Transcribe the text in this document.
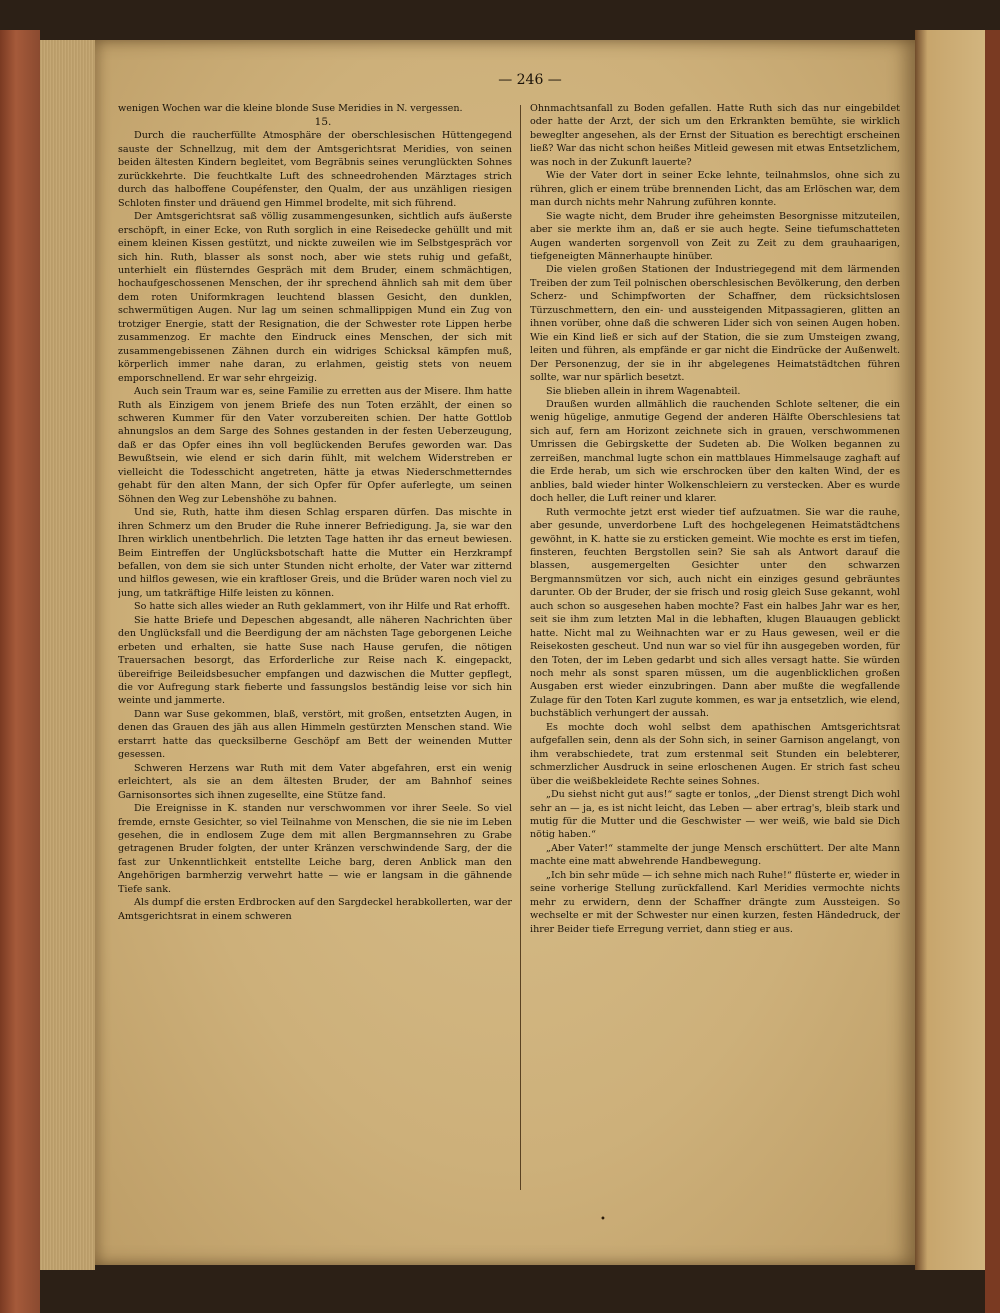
— 246 —

wenigen Wochen war die kleine blonde Suse Meridies in N. vergessen.

15.

Durch die raucherfüllte Atmosphäre der oberschlesischen Hüttengegend sauste der Schnellzug, mit dem der Amtsgerichtsrat Meridies, von seinen beiden ältesten Kindern begleitet, vom Begräbnis seines verunglückten Sohnes zurückkehrte. Die feuchtkalte Luft des schneedrohenden Märztages strich durch das halboffene Coupéfenster, den Qualm, der aus unzähligen riesigen Schloten finster und dräuend gen Himmel brodelte, mit sich führend.

Der Amtsgerichtsrat saß völlig zusammengesunken, sichtlich aufs äußerste erschöpft, in einer Ecke, von Ruth sorglich in eine Reisedecke gehüllt und mit einem kleinen Kissen gestützt, und nickte zuweilen wie im Selbstgespräch vor sich hin. Ruth, blasser als sonst noch, aber wie stets ruhig und gefaßt, unterhielt ein flüsterndes Gespräch mit dem Bruder, einem schmächtigen, hochaufgeschossenen Menschen, der ihr sprechend ähnlich sah mit dem über dem roten Uniformkragen leuchtend blassen Gesicht, den dunklen, schwermütigen Augen. Nur lag um seinen schmallippigen Mund ein Zug von trotziger Energie, statt der Resignation, die der Schwester rote Lippen herbe zusammenzog. Er machte den Eindruck eines Menschen, der sich mit zusammengebissenen Zähnen durch ein widriges Schicksal kämpfen muß, körperlich immer nahe daran, zu erlahmen, geistig stets von neuem emporschnellend. Er war sehr ehrgeizig.

Auch sein Traum war es, seine Familie zu erretten aus der Misere. Ihm hatte Ruth als Einzigem von jenem Briefe des nun Toten erzählt, der einen so schweren Kummer für den Vater vorzubereiten schien. Der hatte Gottlob ahnungslos an dem Sarge des Sohnes gestanden in der festen Ueberzeugung, daß er das Opfer eines ihn voll beglückenden Berufes geworden war. Das Bewußtsein, wie elend er sich darin fühlt, mit welchem Widerstreben er vielleicht die Todesschicht angetreten, hätte ja etwas Niederschmetterndes gehabt für den alten Mann, der sich Opfer für Opfer auferlegte, um seinen Söhnen den Weg zur Lebenshöhe zu bahnen.

Und sie, Ruth, hatte ihm diesen Schlag ersparen dürfen. Das mischte in ihren Schmerz um den Bruder die Ruhe innerer Befriedigung. Ja, sie war den Ihren wirklich unentbehrlich. Die letzten Tage hatten ihr das erneut bewiesen. Beim Eintreffen der Unglücksbotschaft hatte die Mutter ein Herzkrampf befallen, von dem sie sich unter Stunden nicht erholte, der Vater war zitternd und hilflos gewesen, wie ein kraftloser Greis, und die Brüder waren noch viel zu jung, um tatkräftige Hilfe leisten zu können.

So hatte sich alles wieder an Ruth geklammert, von ihr Hilfe und Rat erhofft.

Sie hatte Briefe und Depeschen abgesandt, alle näheren Nachrichten über den Unglücksfall und die Beerdigung der am nächsten Tage geborgenen Leiche erbeten und erhalten, sie hatte Suse nach Hause gerufen, die nötigen Trauersachen besorgt, das Erforderliche zur Reise nach K. eingepackt, übereifrige Beileidsbesucher empfangen und dazwischen die Mutter gepflegt, die vor Aufregung stark fieberte und fassungslos beständig leise vor sich hin weinte und jammerte.

Dann war Suse gekommen, blaß, verstört, mit großen, entsetzten Augen, in denen das Grauen des jäh aus allen Himmeln gestürzten Menschen stand. Wie erstarrt hatte das quecksilberne Geschöpf am Bett der weinenden Mutter gesessen.

Schweren Herzens war Ruth mit dem Vater abgefahren, erst ein wenig erleichtert, als sie an dem ältesten Bruder, der am Bahnhof seines Garnisonsortes sich ihnen zugesellte, eine Stütze fand.

Die Ereignisse in K. standen nur verschwommen vor ihrer Seele. So viel fremde, ernste Gesichter, so viel Teilnahme von Menschen, die sie nie im Leben gesehen, die in endlosem Zuge dem mit allen Bergmannsehren zu Grabe getragenen Bruder folgten, der unter Kränzen verschwindende Sarg, der die fast zur Unkenntlichkeit entstellte Leiche barg, deren Anblick man den Angehörigen barmherzig verwehrt hatte — wie er langsam in die gähnende Tiefe sank.

Als dumpf die ersten Erdbrocken auf den Sargdeckel herabkollerten, war der Amtsgerichtsrat in einem schweren

Ohnmachtsanfall zu Boden gefallen. Hatte Ruth sich das nur eingebildet oder hatte der Arzt, der sich um den Erkrankten bemühte, sie wirklich beweglter angesehen, als der Ernst der Situation es berechtigt erscheinen ließ? War das nicht schon heißes Mitleid gewesen mit etwas Entsetzlichem, was noch in der Zukunft lauerte?

Wie der Vater dort in seiner Ecke lehnte, teilnahmslos, ohne sich zu rühren, glich er einem trübe brennenden Licht, das am Erlöschen war, dem man durch nichts mehr Nahrung zuführen konnte.

Sie wagte nicht, dem Bruder ihre geheimsten Besorgnisse mitzuteilen, aber sie merkte ihm an, daß er sie auch hegte. Seine tiefumschatteten Augen wanderten sorgenvoll von Zeit zu Zeit zu dem grauhaarigen, tiefgeneigten Männerhaupte hinüber.

Die vielen großen Stationen der Industriegegend mit dem lärmenden Treiben der zum Teil polnischen oberschlesischen Bevölkerung, den derben Scherz- und Schimpfworten der Schaffner, dem rücksichtslosen Türzuschmettern, den ein- und aussteigenden Mitpassagieren, glitten an ihnen vorüber, ohne daß die schweren Lider sich von seinen Augen hoben. Wie ein Kind ließ er sich auf der Station, die sie zum Umsteigen zwang, leiten und führen, als empfände er gar nicht die Eindrücke der Außenwelt. Der Personenzug, der sie in ihr abgelegenes Heimatstädtchen führen sollte, war nur spärlich besetzt.

Sie blieben allein in ihrem Wagenabteil.

Draußen wurden allmählich die rauchenden Schlote seltener, die ein wenig hügelige, anmutige Gegend der anderen Hälfte Oberschlesiens tat sich auf, fern am Horizont zeichnete sich in grauen, verschwommenen Umrissen die Gebirgskette der Sudeten ab. Die Wolken begannen zu zerreißen, manchmal lugte schon ein mattblaues Himmelsauge zaghaft auf die Erde herab, um sich wie erschrocken über den kalten Wind, der es anblies, bald wieder hinter Wolkenschleiern zu verstecken. Aber es wurde doch heller, die Luft reiner und klarer.

Ruth vermochte jetzt erst wieder tief aufzuatmen. Sie war die rauhe, aber gesunde, unverdorbene Luft des hochgelegenen Heimatstädtchens gewöhnt, in K. hatte sie zu ersticken gemeint. Wie mochte es erst im tiefen, finsteren, feuchten Bergstollen sein? Sie sah als Antwort darauf die blassen, ausgemergelten Gesichter unter den schwarzen Bergmannsmützen vor sich, auch nicht ein einziges gesund gebräuntes darunter. Ob der Bruder, der sie frisch und rosig gleich Suse gekannt, wohl auch schon so ausgesehen haben mochte? Fast ein halbes Jahr war es her, seit sie ihm zum letzten Mal in die lebhaften, klugen Blauaugen geblickt hatte. Nicht mal zu Weihnachten war er zu Haus gewesen, weil er die Reisekosten gescheut. Und nun war so viel für ihn ausgegeben worden, für den Toten, der im Leben gedarbt und sich alles versagt hatte. Sie würden noch mehr als sonst sparen müssen, um die augenblicklichen großen Ausgaben erst wieder einzubringen. Dann aber mußte die wegfallende Zulage für den Toten Karl zugute kommen, es war ja entsetzlich, wie elend, buchstäblich verhungert der aussah.

Es mochte doch wohl selbst dem apathischen Amtsgerichtsrat aufgefallen sein, denn als der Sohn sich, in seiner Garnison angelangt, von ihm verabschiedete, trat zum erstenmal seit Stunden ein belebterer, schmerzlicher Ausdruck in seine erloschenen Augen. Er strich fast scheu über die weißbekleidete Rechte seines Sohnes.

„Du siehst nicht gut aus!“ sagte er tonlos, „der Dienst strengt Dich wohl sehr an — ja, es ist nicht leicht, das Leben — aber ertrag's, bleib stark und mutig für die Mutter und die Geschwister — wer weiß, wie bald sie Dich nötig haben.“

„Aber Vater!“ stammelte der junge Mensch erschüttert. Der alte Mann machte eine matt abwehrende Handbewegung.

„Ich bin sehr müde — ich sehne mich nach Ruhe!“ flüsterte er, wieder in seine vorherige Stellung zurückfallend. Karl Meridies vermochte nichts mehr zu erwidern, denn der Schaffner drängte zum Aussteigen. So wechselte er mit der Schwester nur einen kurzen, festen Händedruck, der ihrer Beider tiefe Erregung verriet, dann stieg er aus.

•
